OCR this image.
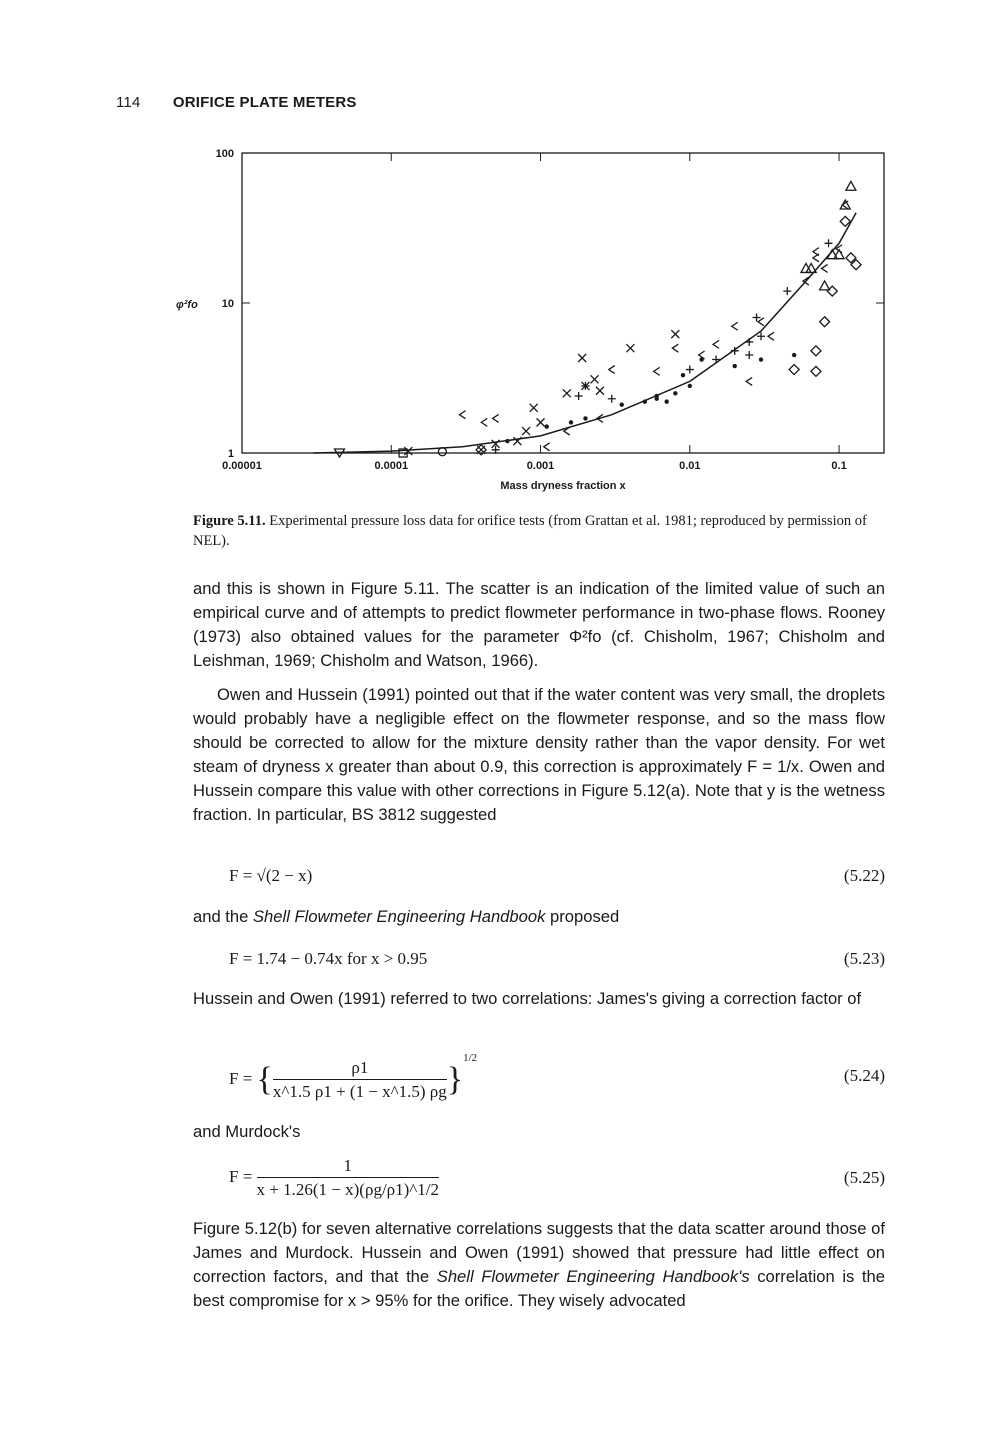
114 ORIFICE PLATE METERS
0.00001	0.0001	0.001	0.01	0.1
1
10
100
Mass dryness fraction x
φ²fo
Figure 5.11. Experimental pressure loss data for orifice tests (from Grattan et al. 1981; reproduced by permission of NEL).

and this is shown in Figure 5.11. The scatter is an indication of the limited value of such an empirical curve and of attempts to predict flowmeter performance in two-phase flows. Rooney (1973) also obtained values for the parameter Φ²fo (cf. Chisholm, 1967; Chisholm and Leishman, 1969; Chisholm and Watson, 1966).

Owen and Hussein (1991) pointed out that if the water content was very small, the droplets would probably have a negligible effect on the flowmeter response, and so the mass flow should be corrected to allow for the mixture density rather than the vapor density. For wet steam of dryness x greater than about 0.9, this correction is approximately F = 1/x. Owen and Hussein compare this value with other corrections in Figure 5.12(a). Note that y is the wetness fraction. In particular, BS 3812 suggested

F = √(2 − x)	(5.22)

and the Shell Flowmeter Engineering Handbook proposed

F = 1.74 − 0.74x for x > 0.95	(5.23)

Hussein and Owen (1991) referred to two correlations: James's giving a correction factor of

F = { $\frac{\rho 1}{x\^{}1.5 \rho 1 + (1 - x\^{}1.5) \rho g} \}^{1/2}$
(5.24)

and Murdock's

$F = \frac{1}{x + 1.26(1 - x)(\rho g/\rho 1)\^{}1/2}$	(5.25)

Figure 5.12(b) for seven alternative correlations suggests that the data scatter around those of James and Murdock. Hussein and Owen (1991) showed that pressure had little effect on correction factors, and that the Shell Flowmeter Engineering Handbook's correlation is the best compromise for x > 95% for the orifice. They wisely advocated
